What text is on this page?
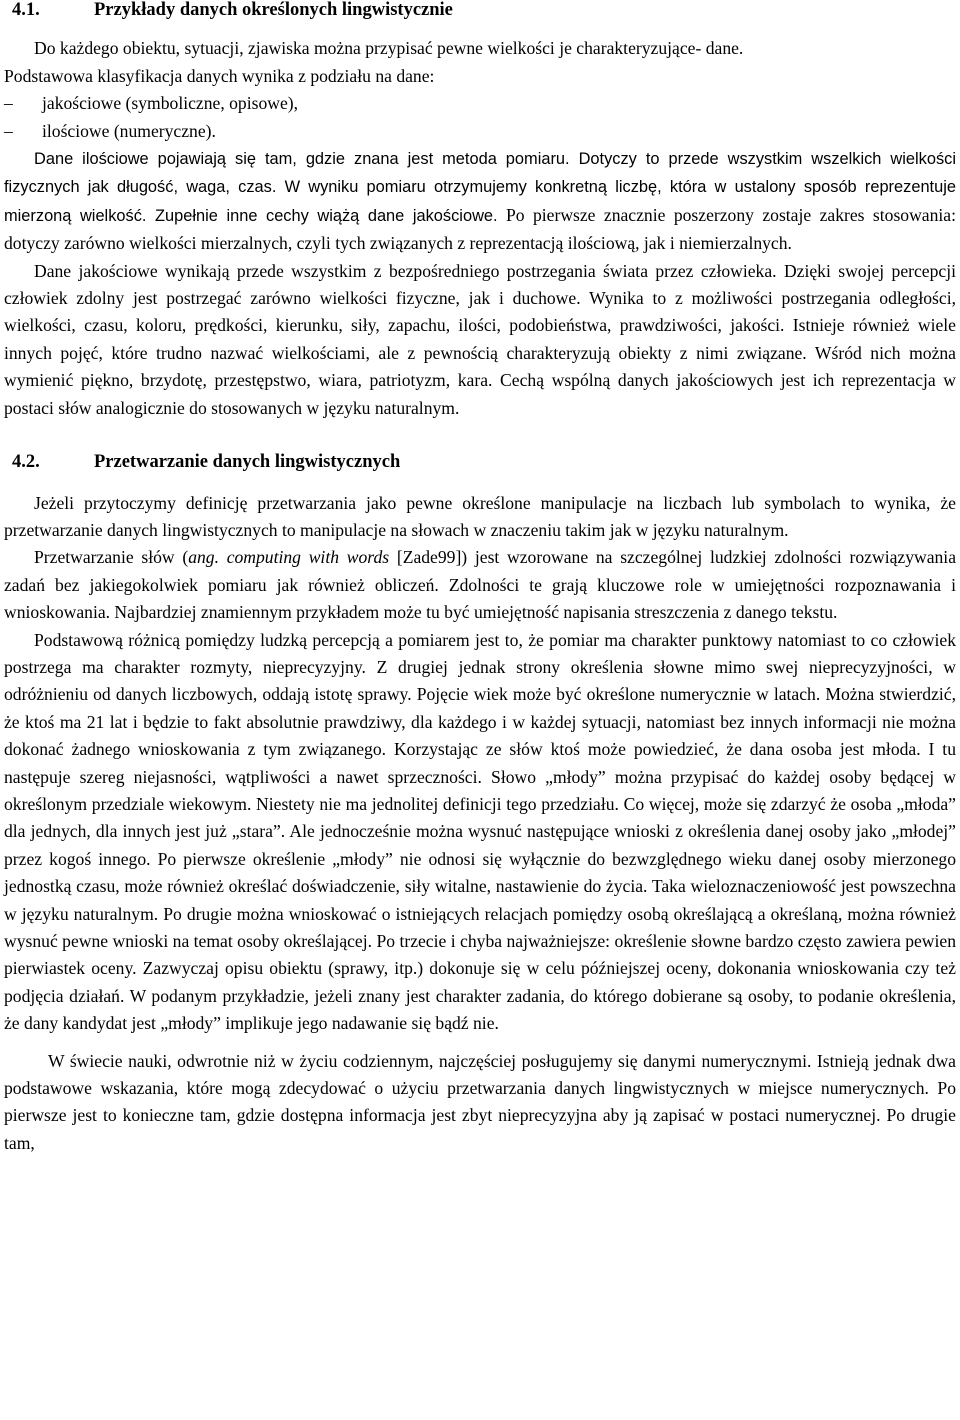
4.1.	Przykłady danych określonych lingwistycznie

Do każdego obiektu, sytuacji, zjawiska można przypisać pewne wielkości je charakteryzujące- dane.

Podstawowa klasyfikacja danych wynika z podziału na dane:

– jakościowe (symboliczne, opisowe),
– ilościowe (numeryczne).

Dane ilościowe pojawiają się tam, gdzie znana jest metoda pomiaru. Dotyczy to przede wszystkim wszelkich wielkości fizycznych jak długość, waga, czas. W wyniku pomiaru otrzymujemy konkretną liczbę, która w ustalony sposób reprezentuje mierzoną wielkość. Zupełnie inne cechy wiążą dane jakościowe. Po pierwsze znacznie poszerzony zostaje zakres stosowania: dotyczy zarówno wielkości mierzalnych, czyli tych związanych z reprezentacją ilościową, jak i niemierzalnych.

Dane jakościowe wynikają przede wszystkim z bezpośredniego postrzegania świata przez człowieka. Dzięki swojej percepcji człowiek zdolny jest postrzegać zarówno wielkości fizyczne, jak i duchowe. Wynika to z możliwości postrzegania odległości, wielkości, czasu, koloru, prędkości, kierunku, siły, zapachu, ilości, podobieństwa, prawdziwości, jakości. Istnieje również wiele innych pojęć, które trudno nazwać wielkościami, ale z pewnością charakteryzują obiekty z nimi związane. Wśród nich można wymienić piękno, brzydotę, przestępstwo, wiara, patriotyzm, kara. Cechą wspólną danych jakościowych jest ich reprezentacja w postaci słów analogicznie do stosowanych w języku naturalnym.

4.2.	Przetwarzanie danych lingwistycznych

Jeżeli przytoczymy definicję przetwarzania jako pewne określone manipulacje na liczbach lub symbolach to wynika, że przetwarzanie danych lingwistycznych to manipulacje na słowach w znaczeniu takim jak w języku naturalnym.

Przetwarzanie słów (ang. computing with words [Zade99]) jest wzorowane na szczególnej ludzkiej zdolności rozwiązywania zadań bez jakiegokolwiek pomiaru jak również obliczeń. Zdolności te grają kluczowe role w umiejętności rozpoznawania i wnioskowania. Najbardziej znamiennym przykładem może tu być umiejętność napisania streszczenia z danego tekstu.

Podstawową różnicą pomiędzy ludzką percepcją a pomiarem jest to, że pomiar ma charakter punktowy natomiast to co człowiek postrzega ma charakter rozmyty, nieprecyzyjny. Z drugiej jednak strony określenia słowne mimo swej nieprecyzyjności, w odróżnieniu od danych liczbowych, oddają istotę sprawy. Pojęcie wiek może być określone numerycznie w latach. Można stwierdzić, że ktoś ma 21 lat i będzie to fakt absolutnie prawdziwy, dla każdego i w każdej sytuacji, natomiast bez innych informacji nie można dokonać żadnego wnioskowania z tym związanego. Korzystając ze słów ktoś może powiedzieć, że dana osoba jest młoda. I tu następuje szereg niejasności, wątpliwości a nawet sprzeczności. Słowo „młody” można przypisać do każdej osoby będącej w określonym przedziale wiekowym. Niestety nie ma jednolitej definicji tego przedziału. Co więcej, może się zdarzyć że osoba „młoda” dla jednych, dla innych jest już „stara”. Ale jednocześnie można wysnuć następujące wnioski z określenia danej osoby jako „młodej” przez kogoś innego. Po pierwsze określenie „młody” nie odnosi się wyłącznie do bezwzględnego wieku danej osoby mierzonego jednostką czasu, może również określać doświadczenie, siły witalne, nastawienie do życia. Taka wieloznaczeniowość jest powszechna w języku naturalnym. Po drugie można wnioskować o istniejących relacjach pomiędzy osobą określającą a określaną, można również wysnuć pewne wnioski na temat osoby określającej. Po trzecie i chyba najważniejsze: określenie słowne bardzo często zawiera pewien pierwiastek oceny. Zazwyczaj opisu obiektu (sprawy, itp.) dokonuje się w celu późniejszej oceny, dokonania wnioskowania czy też podjęcia działań. W podanym przykładzie, jeżeli znany jest charakter zadania, do którego dobierane są osoby, to podanie określenia, że dany kandydat jest „młody” implikuje jego nadawanie się bądź nie.

W świecie nauki, odwrotnie niż w życiu codziennym, najczęściej posługujemy się danymi numerycznymi. Istnieją jednak dwa podstawowe wskazania, które mogą zdecydować o użyciu przetwarzania danych lingwistycznych w miejsce numerycznych. Po pierwsze jest to konieczne tam, gdzie dostępna informacja jest zbyt nieprecyzyjna aby ją zapisać w postaci numerycznej. Po drugie tam,
